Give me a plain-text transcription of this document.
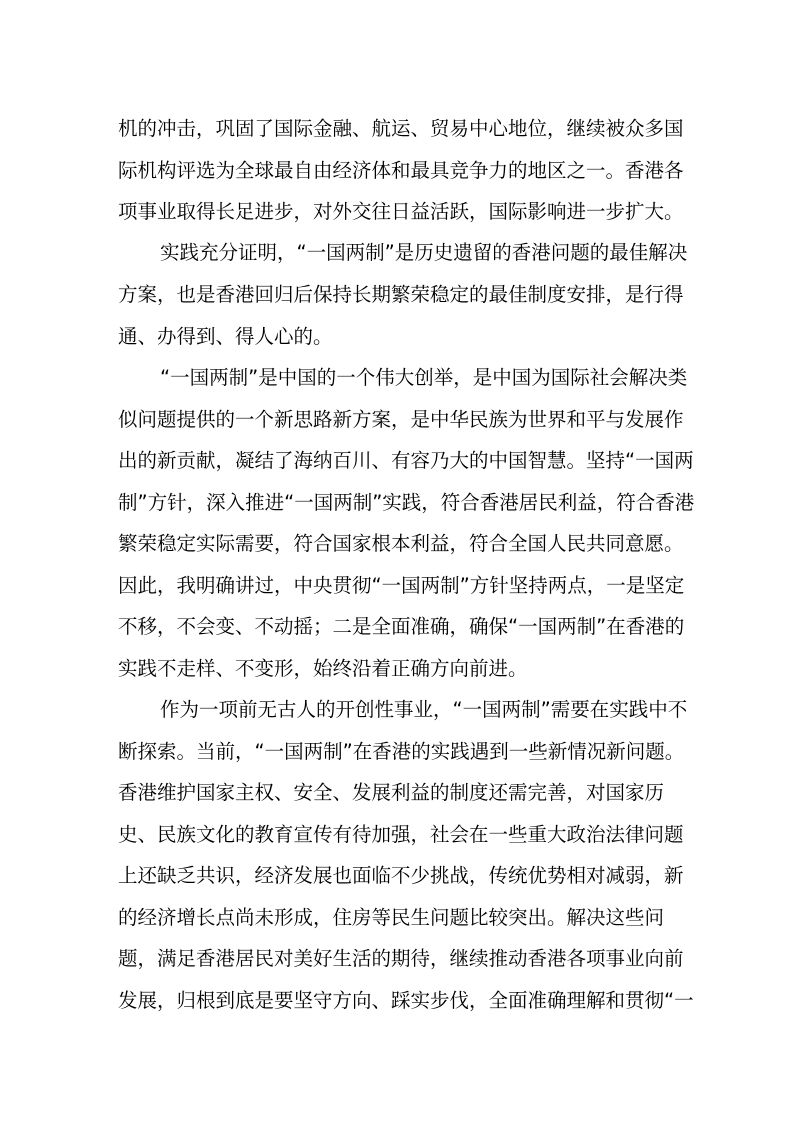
机的冲击，巩固了国际金融、航运、贸易中心地位，继续被众多国
际机构评选为全球最自由经济体和最具竞争力的地区之一。香港各
项事业取得长足进步，对外交往日益活跃，国际影响进一步扩大。
实践充分证明，“一国两制”是历史遗留的香港问题的最佳解决
方案，也是香港回归后保持长期繁荣稳定的最佳制度安排，是行得
通、办得到、得人心的。
“一国两制”是中国的一个伟大创举，是中国为国际社会解决类
似问题提供的一个新思路新方案，是中华民族为世界和平与发展作
出的新贡献，凝结了海纳百川、有容乃大的中国智慧。坚持“一国两
制”方针，深入推进“一国两制”实践，符合香港居民利益，符合香港
繁荣稳定实际需要，符合国家根本利益，符合全国人民共同意愿。
因此，我明确讲过，中央贯彻“一国两制”方针坚持两点，一是坚定
不移，不会变、不动摇；二是全面准确，确保“一国两制”在香港的
实践不走样、不变形，始终沿着正确方向前进。
作为一项前无古人的开创性事业，“一国两制”需要在实践中不
断探索。当前，“一国两制”在香港的实践遇到一些新情况新问题。
香港维护国家主权、安全、发展利益的制度还需完善，对国家历
史、民族文化的教育宣传有待加强，社会在一些重大政治法律问题
上还缺乏共识，经济发展也面临不少挑战，传统优势相对减弱，新
的经济增长点尚未形成，住房等民生问题比较突出。解决这些问
题，满足香港居民对美好生活的期待，继续推动香港各项事业向前
发展，归根到底是要坚守方向、踩实步伐，全面准确理解和贯彻“一
